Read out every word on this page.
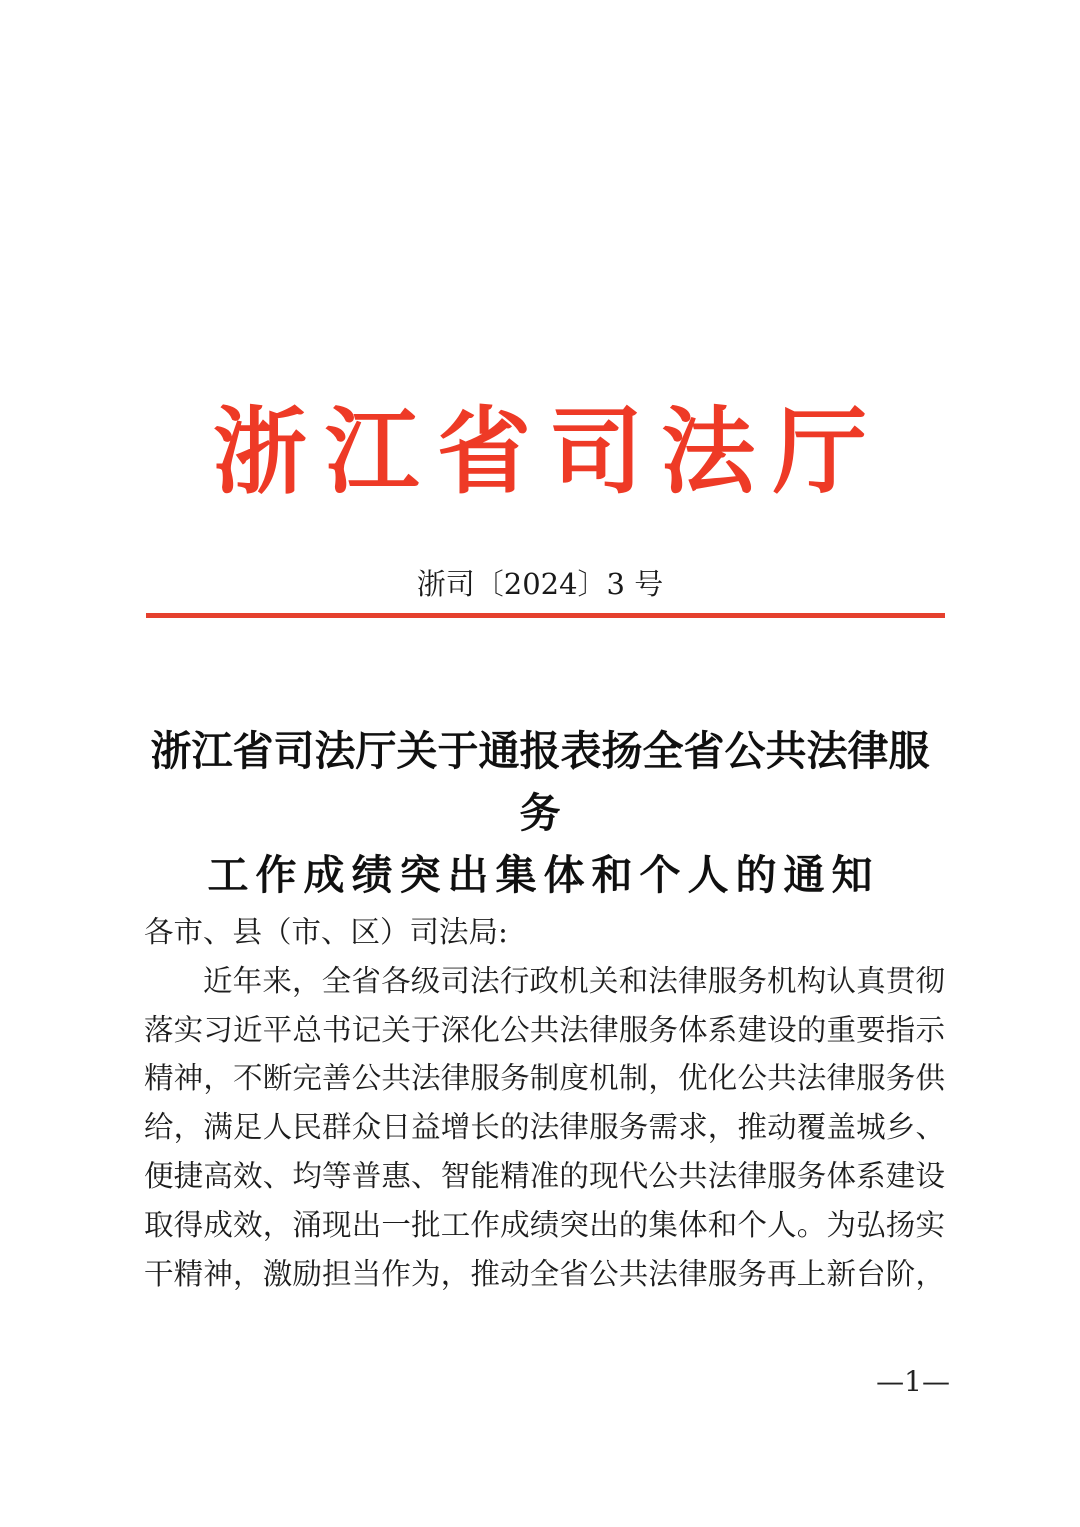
浙江省司法厅
浙司〔2024〕3 号
浙江省司法厅关于通报表扬全省公共法律服务
工作成绩突出集体和个人的通知
各市、县（市、区）司法局:
近年来，全省各级司法行政机关和法律服务机构认真贯彻
落实习近平总书记关于深化公共法律服务体系建设的重要指示
精神，不断完善公共法律服务制度机制，优化公共法律服务供
给，满足人民群众日益增长的法律服务需求，推动覆盖城乡、
便捷高效、均等普惠、智能精准的现代公共法律服务体系建设
取得成效，涌现出一批工作成绩突出的集体和个人。为弘扬实
干精神，激励担当作为，推动全省公共法律服务再上新台阶，
—1—
